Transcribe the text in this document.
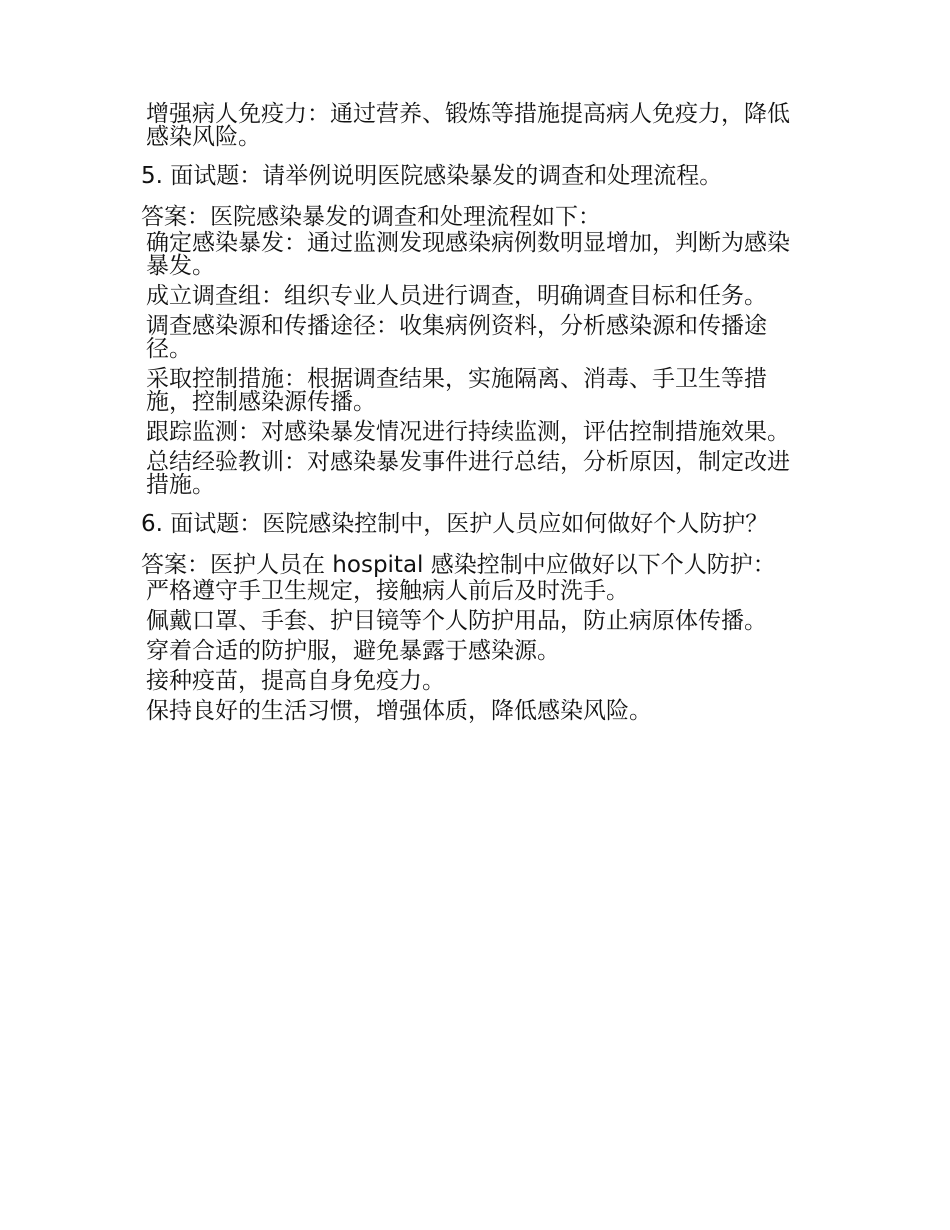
增强病人免疫力：通过营养、锻炼等措施提高病人免疫力，降低感染风险。

5. 面试题：请举例说明医院感染暴发的调查和处理流程。

答案：医院感染暴发的调查和处理流程如下：

确定感染暴发：通过监测发现感染病例数明显增加，判断为感染暴发。

成立调查组：组织专业人员进行调查，明确调查目标和任务。

调查感染源和传播途径：收集病例资料，分析感染源和传播途径。

采取控制措施：根据调查结果，实施隔离、消毒、手卫生等措施，控制感染源传播。

跟踪监测：对感染暴发情况进行持续监测，评估控制措施效果。

总结经验教训：对感染暴发事件进行总结，分析原因，制定改进措施。

6. 面试题：医院感染控制中，医护人员应如何做好个人防护？

答案：医护人员在 hospital 感染控制中应做好以下个人防护：

严格遵守手卫生规定，接触病人前后及时洗手。

佩戴口罩、手套、护目镜等个人防护用品，防止病原体传播。

穿着合适的防护服，避免暴露于感染源。

接种疫苗，提高自身免疫力。

保持良好的生活习惯，增强体质，降低感染风险。
